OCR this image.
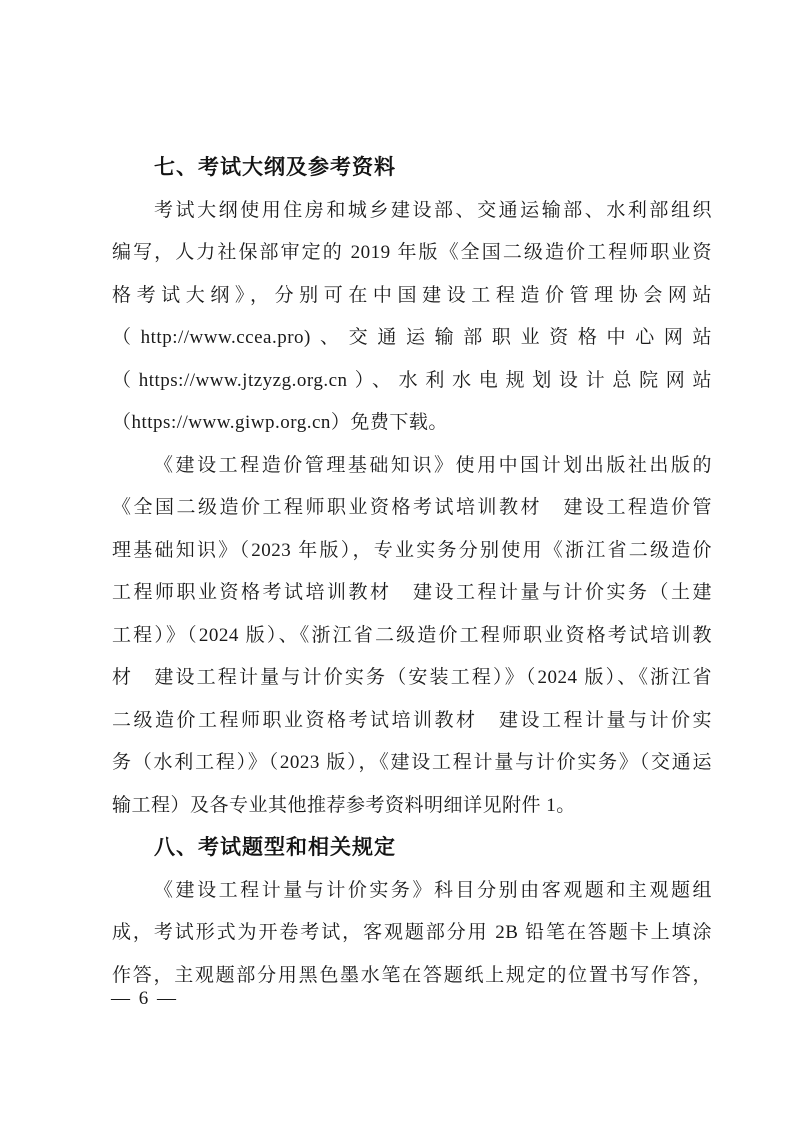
七、考试大纲及参考资料

考试大纲使用住房和城乡建设部、交通运输部、水利部组织

编写，人力社保部审定的 2019 年版《全国二级造价工程师职业资

格考试大纲》，分别可在中国建设工程造价管理协会网站

（http://www.ccea.pro)、交通运输部职业资格中心网站

（https://www.jtzyzg.org.cn）、水利水电规划设计总院网站

（https://www.giwp.org.cn）免费下载。

《建设工程造价管理基础知识》使用中国计划出版社出版的

《全国二级造价工程师职业资格考试培训教材　建设工程造价管

理基础知识》（2023 年版），专业实务分别使用《浙江省二级造价

工程师职业资格考试培训教材　建设工程计量与计价实务（土建

工程）》（2024 版）、《浙江省二级造价工程师职业资格考试培训教

材　建设工程计量与计价实务（安装工程）》（2024 版）、《浙江省

二级造价工程师职业资格考试培训教材　建设工程计量与计价实

务（水利工程）》（2023 版），《建设工程计量与计价实务》（交通运

输工程）及各专业其他推荐参考资料明细详见附件 1。

八、考试题型和相关规定

《建设工程计量与计价实务》科目分别由客观题和主观题组

成，考试形式为开卷考试，客观题部分用 2B 铅笔在答题卡上填涂

作答，主观题部分用黑色墨水笔在答题纸上规定的位置书写作答，

— 6 —
